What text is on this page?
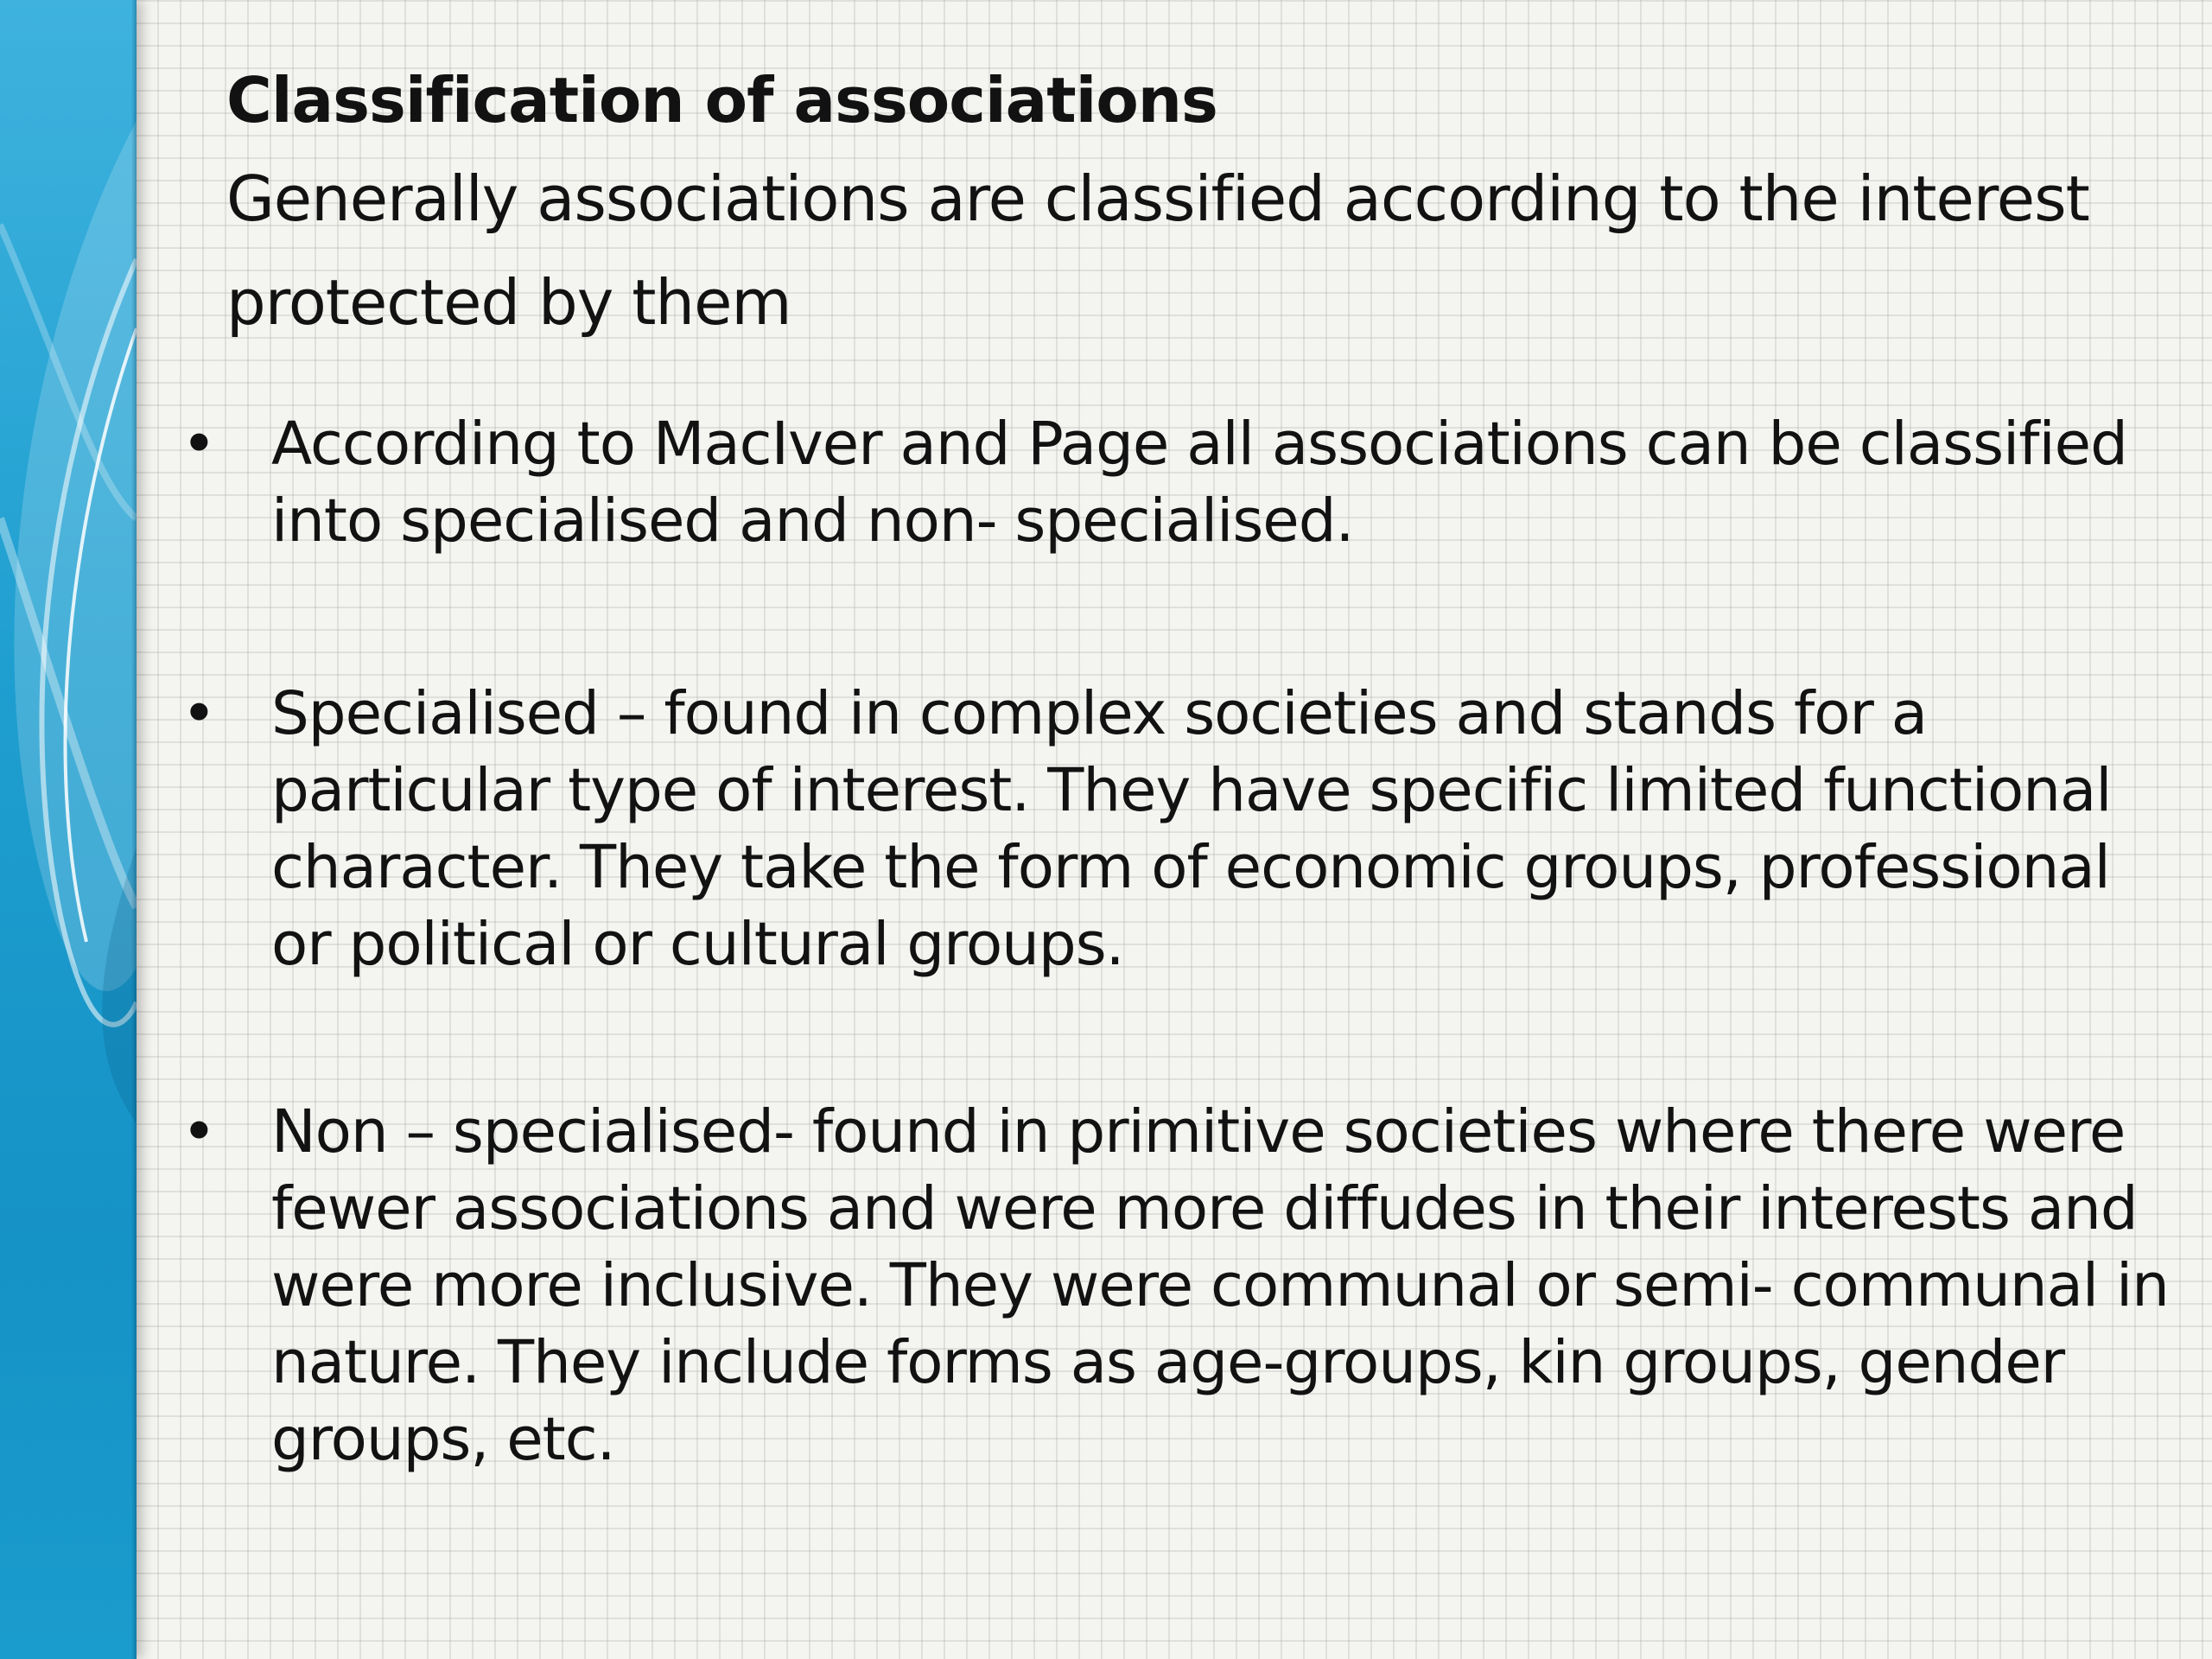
Classification of associations

Generally associations are classified according to the interest protected by them

• According to MacIver and Page all associations can be classified into specialised and non- specialised.
• Specialised – found in complex societies and stands for a particular type of interest. They have specific limited functional character. They take the form of economic groups, professional or political or cultural groups.
• Non – specialised- found in primitive societies where there were fewer associations and were more diffudes in their interests and were more inclusive. They were communal or semi- communal in nature. They include forms as age-groups, kin groups, gender groups, etc.
